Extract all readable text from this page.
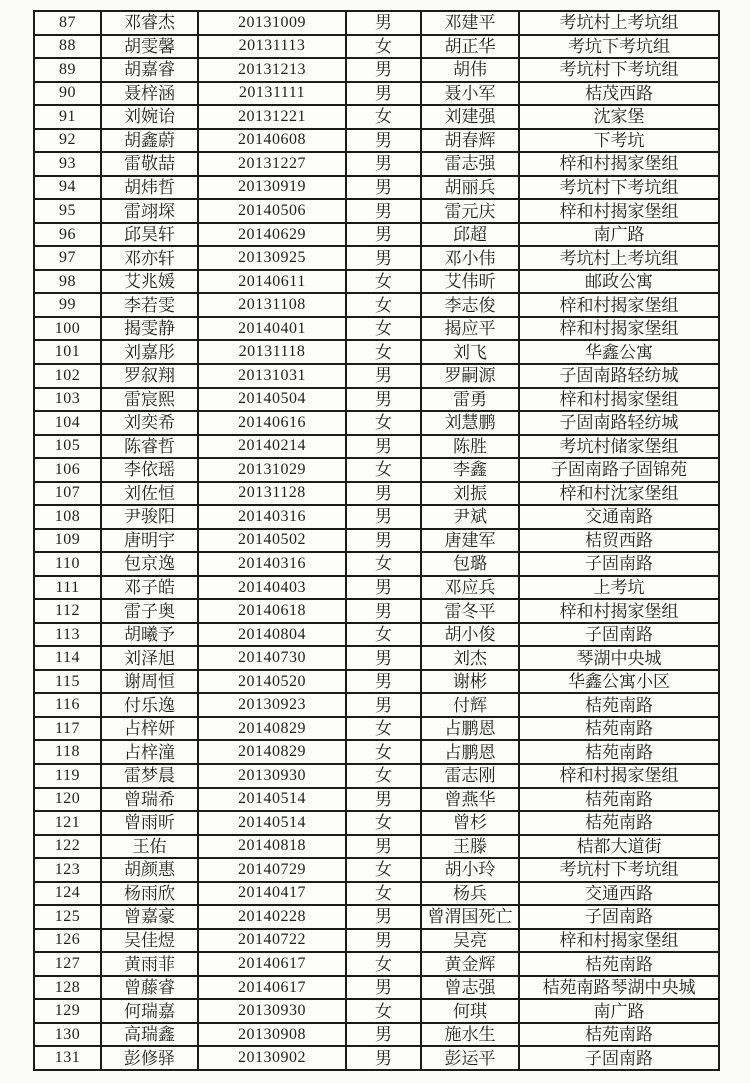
87	邓睿杰	20131009	男	邓建平	考坑村上考坑组
88	胡雯馨	20131113	女	胡正华	考坑下考坑组
89	胡嘉睿	20131213	男	胡伟	考坑村下考坑组
90	聂梓涵	20131111	男	聂小军	桔茂西路
91	刘婉诒	20131221	女	刘建强	沈家堡
92	胡鑫蔚	20140608	男	胡春辉	下考坑
93	雷敬喆	20131227	男	雷志强	梓和村揭家堡组
94	胡炜哲	20130919	男	胡丽兵	考坑村下考坑组
95	雷翊堔	20140506	男	雷元庆	梓和村揭家堡组
96	邱昊轩	20140629	男	邱超	南广路
97	邓亦轩	20130925	男	邓小伟	考坑村上考坑组
98	艾兆媛	20140611	女	艾伟昕	邮政公寓
99	李若雯	20131108	女	李志俊	梓和村揭家堡组
100	揭雯静	20140401	女	揭应平	梓和村揭家堡组
101	刘嘉彤	20131118	女	刘飞	华鑫公寓
102	罗叙翔	20131031	男	罗嗣源	子固南路轻纺城
103	雷宸熙	20140504	男	雷勇	梓和村揭家堡组
104	刘奕希	20140616	女	刘慧鹏	子固南路轻纺城
105	陈睿哲	20140214	男	陈胜	考坑村储家堡组
106	李依瑶	20131029	女	李鑫	子固南路子固锦苑
107	刘佐恒	20131128	男	刘振	梓和村沈家堡组
108	尹骏阳	20140316	男	尹斌	交通南路
109	唐明宇	20140502	男	唐建军	桔贸西路
110	包京逸	20140316	女	包璐	子固南路
111	邓子皓	20140403	男	邓应兵	上考坑
112	雷子奥	20140618	男	雷冬平	梓和村揭家堡组
113	胡曦予	20140804	女	胡小俊	子固南路
114	刘泽旭	20140730	男	刘杰	琴湖中央城
115	谢周恒	20140520	男	谢彬	华鑫公寓小区
116	付乐逸	20130923	男	付辉	桔苑南路
117	占梓妍	20140829	女	占鹏恩	桔苑南路
118	占梓潼	20140829	女	占鹏恩	桔苑南路
119	雷梦晨	20130930	女	雷志刚	梓和村揭家堡组
120	曾瑞希	20140514	男	曾燕华	桔苑南路
121	曾雨昕	20140514	女	曾杉	桔苑南路
122	王佑	20140818	男	王滕	桔都大道街
123	胡颜惠	20140729	女	胡小玲	考坑村下考坑组
124	杨雨欣	20140417	女	杨兵	交通西路
125	曾嘉豪	20140228	男	曾渭国死亡	子固南路
126	吴佳煜	20140722	男	吴亮	梓和村揭家堡组
127	黄雨菲	20140617	女	黄金辉	桔苑南路
128	曾藤睿	20140617	男	曾志强	桔苑南路琴湖中央城
129	何瑞嘉	20130930	女	何琪	南广路
130	高瑞鑫	20130908	男	施水生	桔苑南路
131	彭修驿	20130902	男	彭运平	子固南路
